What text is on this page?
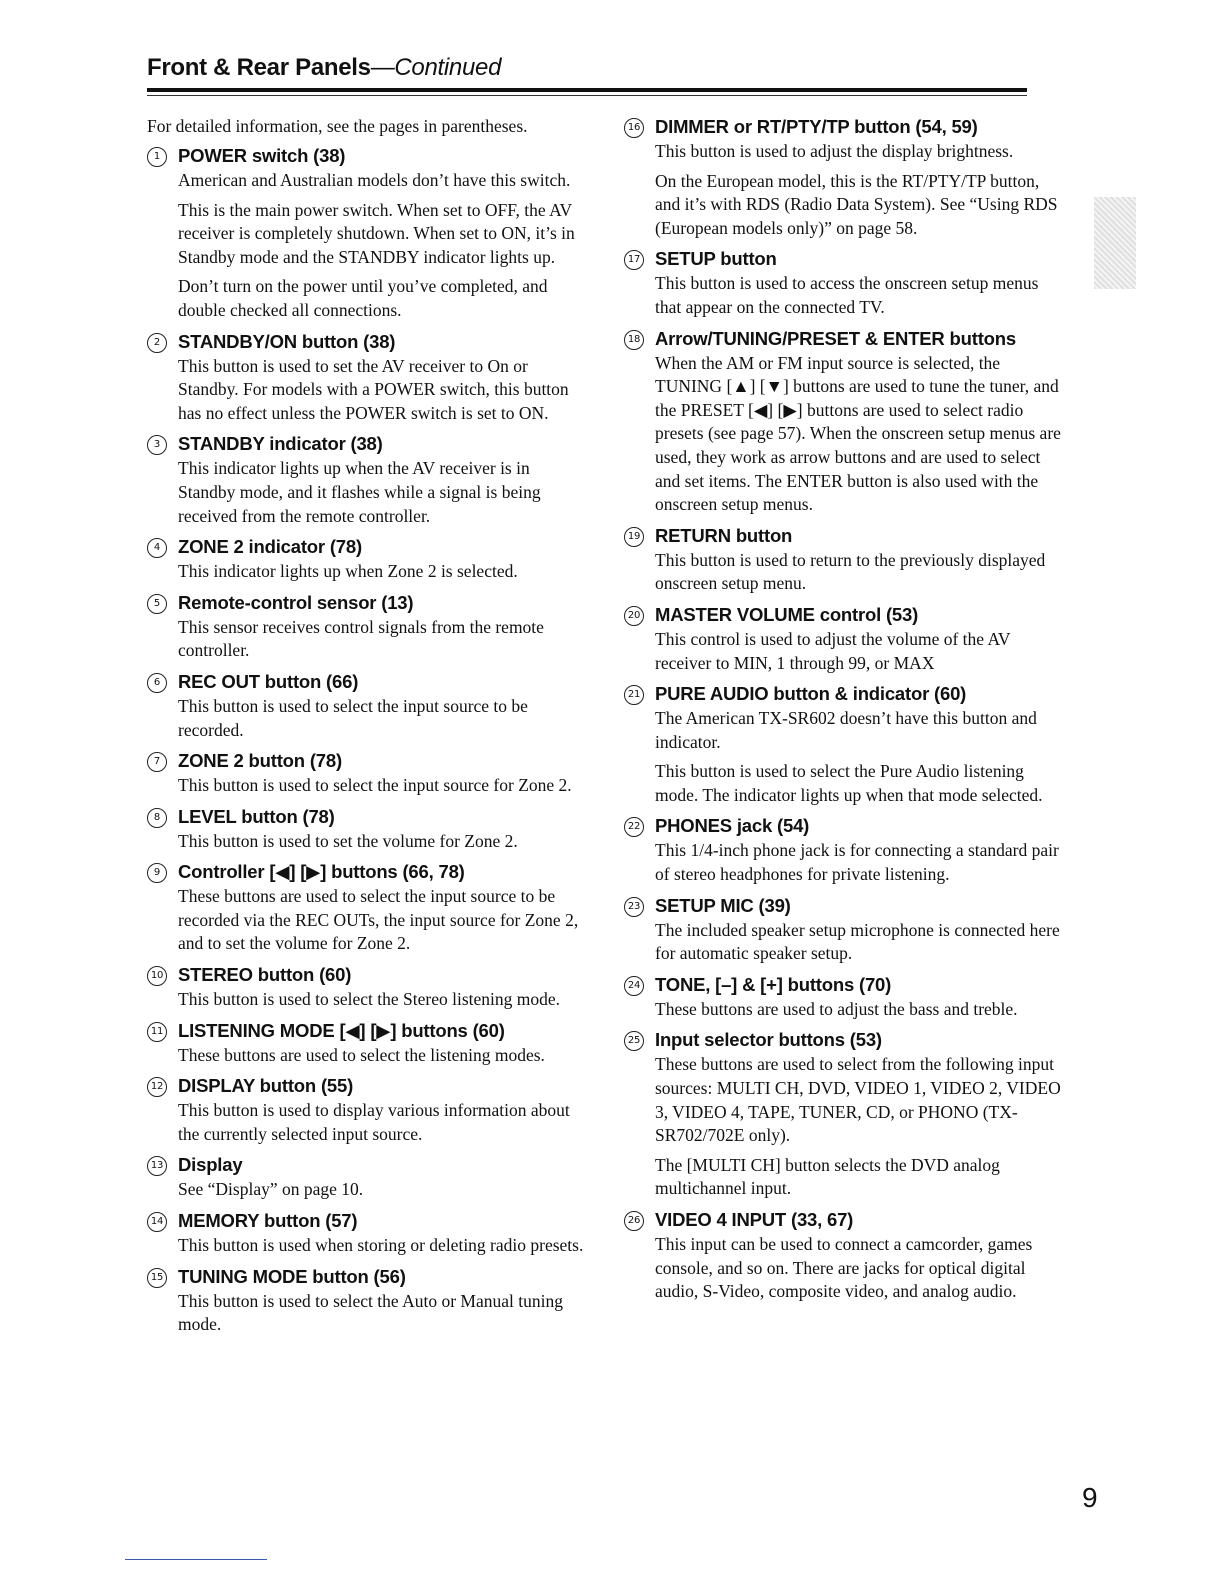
Front & Rear Panels—Continued

For detailed information, see the pages in parentheses.

1 POWER switch (38)

American and Australian models don’t have this switch.

This is the main power switch. When set to OFF, the AV receiver is completely shutdown. When set to ON, it’s in Standby mode and the STANDBY indicator lights up.

Don’t turn on the power until you’ve completed, and double checked all connections.

2 STANDBY/ON button (38)

This button is used to set the AV receiver to On or Standby. For models with a POWER switch, this button has no effect unless the POWER switch is set to ON.

3 STANDBY indicator (38)

This indicator lights up when the AV receiver is in Standby mode, and it flashes while a signal is being received from the remote controller.

4 ZONE 2 indicator (78)

This indicator lights up when Zone 2 is selected.

5 Remote-control sensor (13)

This sensor receives control signals from the remote controller.

6 REC OUT button (66)

This button is used to select the input source to be recorded.

7 ZONE 2 button (78)

This button is used to select the input source for Zone 2.

8 LEVEL button (78)

This button is used to set the volume for Zone 2.

9 Controller [◀] [▶] buttons (66, 78)

These buttons are used to select the input source to be recorded via the REC OUTs, the input source for Zone 2, and to set the volume for Zone 2.

10 STEREO button (60)

This button is used to select the Stereo listening mode.

11 LISTENING MODE [◀] [▶] buttons (60)

These buttons are used to select the listening modes.

12 DISPLAY button (55)

This button is used to display various information about the currently selected input source.

13 Display

See “Display” on page 10.

14 MEMORY button (57)

This button is used when storing or deleting radio presets.

15 TUNING MODE button (56)

This button is used to select the Auto or Manual tuning mode.

16 DIMMER or RT/PTY/TP button (54, 59)

This button is used to adjust the display brightness.

On the European model, this is the RT/PTY/TP button, and it’s with RDS (Radio Data System). See “Using RDS (European models only)” on page 58.

17 SETUP button

This button is used to access the onscreen setup menus that appear on the connected TV.

18 Arrow/TUNING/PRESET & ENTER buttons

When the AM or FM input source is selected, the TUNING [▲] [▼] buttons are used to tune the tuner, and the PRESET [◀] [▶] buttons are used to select radio presets (see page 57). When the onscreen setup menus are used, they work as arrow buttons and are used to select and set items. The ENTER button is also used with the onscreen setup menus.

19 RETURN button

This button is used to return to the previously displayed onscreen setup menu.

20 MASTER VOLUME control (53)

This control is used to adjust the volume of the AV receiver to MIN, 1 through 99, or MAX

21 PURE AUDIO button & indicator (60)

The American TX-SR602 doesn’t have this button and indicator.

This button is used to select the Pure Audio listening mode. The indicator lights up when that mode selected.

22 PHONES jack (54)

This 1/4-inch phone jack is for connecting a standard pair of stereo headphones for private listening.

23 SETUP MIC (39)

The included speaker setup microphone is connected here for automatic speaker setup.

24 TONE, [–] & [+] buttons (70)

These buttons are used to adjust the bass and treble.

25 Input selector buttons (53)

These buttons are used to select from the following input sources: MULTI CH, DVD, VIDEO 1, VIDEO 2, VIDEO 3, VIDEO 4, TAPE, TUNER, CD, or PHONO (TX-SR702/702E only).

The [MULTI CH] button selects the DVD analog multichannel input.

26 VIDEO 4 INPUT (33, 67)

This input can be used to connect a camcorder, games console, and so on. There are jacks for optical digital audio, S-Video, composite video, and analog audio.

9
